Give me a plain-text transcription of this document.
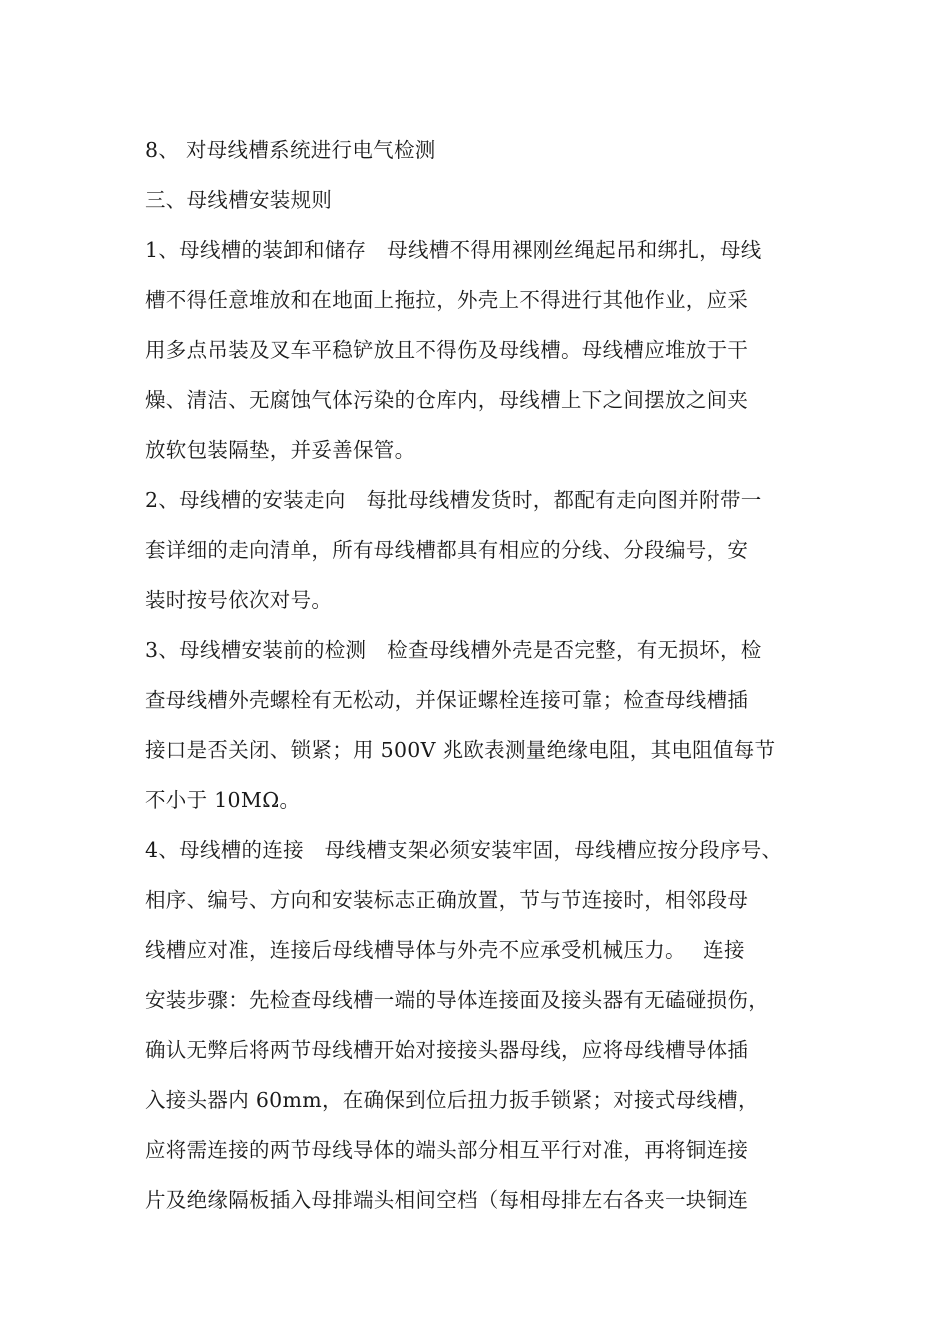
8、 对母线槽系统进行电气检测
三、母线槽安装规则
1、母线槽的装卸和储存　母线槽不得用裸刚丝绳起吊和绑扎，母线
槽不得任意堆放和在地面上拖拉，外壳上不得进行其他作业，应采
用多点吊装及叉车平稳铲放且不得伤及母线槽。母线槽应堆放于干
燥、清洁、无腐蚀气体污染的仓库内，母线槽上下之间摆放之间夹
放软包装隔垫，并妥善保管。
2、母线槽的安装走向　每批母线槽发货时，都配有走向图并附带一
套详细的走向清单，所有母线槽都具有相应的分线、分段编号，安
装时按号依次对号。
3、母线槽安装前的检测　检查母线槽外壳是否完整，有无损坏，检
查母线槽外壳螺栓有无松动，并保证螺栓连接可靠；检查母线槽插
接口是否关闭、锁紧；用 500V 兆欧表测量绝缘电阻，其电阻值每节
不小于 10MΩ。
4、母线槽的连接　母线槽支架必须安装牢固，母线槽应按分段序号、
相序、编号、方向和安装标志正确放置，节与节连接时，相邻段母
线槽应对准，连接后母线槽导体与外壳不应承受机械压力。　 连接
安装步骤：先检查母线槽一端的导体连接面及接头器有无磕碰损伤，
确认无弊后将两节母线槽开始对接接头器母线，应将母线槽导体插
入接头器内 60mm，在确保到位后扭力扳手锁紧；对接式母线槽，
应将需连接的两节母线导体的端头部分相互平行对准，再将铜连接
片及绝缘隔板插入母排端头相间空档（每相母排左右各夹一块铜连
